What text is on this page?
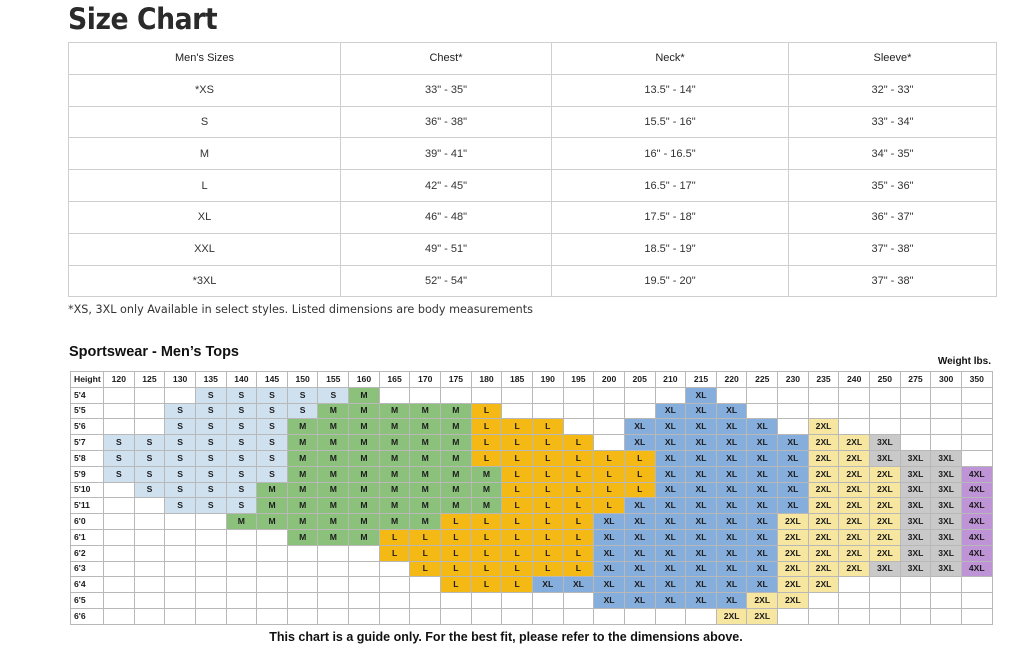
Size Chart
Men's Sizes	Chest*	Neck*	Sleeve*
*XS	33" - 35"	13.5" - 14"	32" - 33"
S	36" - 38"	15.5" - 16"	33" - 34"
M	39" - 41"	16" - 16.5"	34" - 35"
L	42" - 45"	16.5" - 17"	35" - 36"
XL	46" - 48"	17.5" - 18"	36" - 37"
XXL	49" - 51"	18.5" - 19"	37" - 38"
*3XL	52" - 54"	19.5" - 20"	37" - 38"
*XS, 3XL only Available in select styles. Listed dimensions are body measurements
Sportswear - Men’s Tops
Weight lbs.
Height	120	125	130	135	140	145	150	155	160	165	170	175	180	185	190	195	200	205	210	215	220	225	230	235	240	250	275	300	350
5'4				S	S	S	S	S	M											XL									
5'5			S	S	S	S	S	M	M	M	M	M	L						XL	XL	XL								
5'6			S	S	S	S	M	M	M	M	M	M	L	L	L			XL	XL	XL	XL	XL		2XL					
5'7	S	S	S	S	S	S	M	M	M	M	M	M	L	L	L	L		XL	XL	XL	XL	XL	XL	2XL	2XL	3XL			
5'8	S	S	S	S	S	S	M	M	M	M	M	M	L	L	L	L	L	L	XL	XL	XL	XL	XL	2XL	2XL	3XL	3XL	3XL	
5'9	S	S	S	S	S	S	M	M	M	M	M	M	M	L	L	L	L	L	XL	XL	XL	XL	XL	2XL	2XL	2XL	3XL	3XL	4XL
5'10		S	S	S	S	M	M	M	M	M	M	M	M	L	L	L	L	L	XL	XL	XL	XL	XL	2XL	2XL	2XL	3XL	3XL	4XL
5'11			S	S	S	M	M	M	M	M	M	M	M	L	L	L	L	XL	XL	XL	XL	XL	XL	2XL	2XL	2XL	3XL	3XL	4XL
6'0					M	M	M	M	M	M	M	L	L	L	L	L	XL	XL	XL	XL	XL	XL	2XL	2XL	2XL	2XL	3XL	3XL	4XL
6'1							M	M	M	L	L	L	L	L	L	L	XL	XL	XL	XL	XL	XL	2XL	2XL	2XL	2XL	3XL	3XL	4XL
6'2										L	L	L	L	L	L	L	XL	XL	XL	XL	XL	XL	2XL	2XL	2XL	2XL	3XL	3XL	4XL
6'3											L	L	L	L	L	L	XL	XL	XL	XL	XL	XL	2XL	2XL	2XL	3XL	3XL	3XL	4XL
6'4												L	L	L	XL	XL	XL	XL	XL	XL	XL	XL	2XL	2XL					
6'5																	XL	XL	XL	XL	XL	2XL	2XL						
6'6																					2XL	2XL							
This chart is a guide only. For the best fit, please refer to the dimensions above.
